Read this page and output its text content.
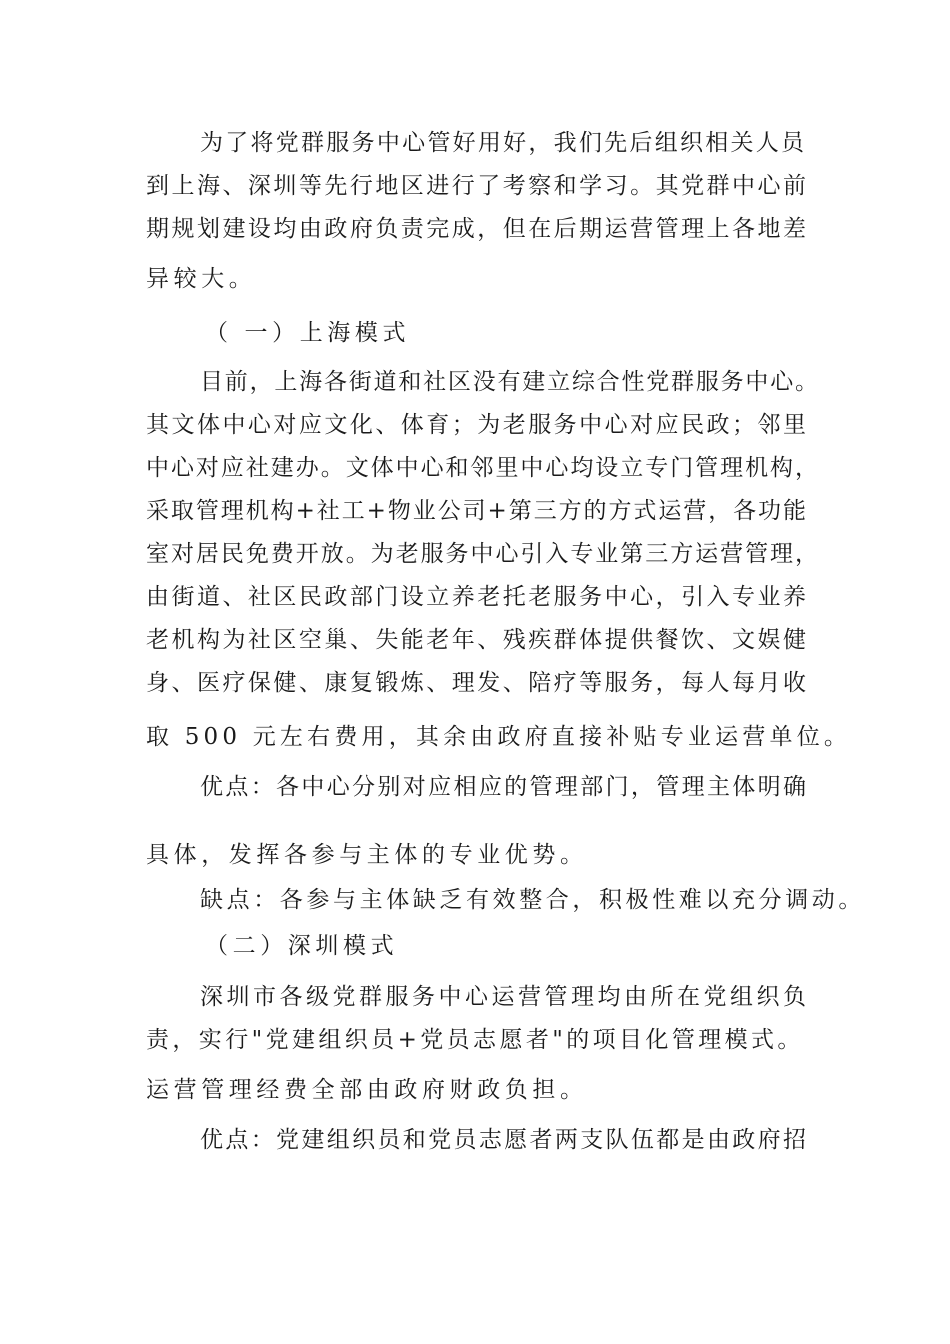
为了将党群服务中心管好用好，我们先后组织相关人员
到上海、深圳等先行地区进行了考察和学习。其党群中心前
期规划建设均由政府负责完成，但在后期运营管理上各地差
异较大。
（ 一）上海模式
目前，上海各街道和社区没有建立综合性党群服务中心。
其文体中心对应文化、体育；为老服务中心对应民政；邻里
中心对应社建办。文体中心和邻里中心均设立专门管理机构，
采取管理机构+社工+物业公司+第三方的方式运营，各功能
室对居民免费开放。为老服务中心引入专业第三方运营管理，
由街道、社区民政部门设立养老托老服务中心，引入专业养
老机构为社区空巢、失能老年、残疾群体提供餐饮、文娱健
身、医疗保健、康复锻炼、理发、陪疗等服务，每人每月收
取 500 元左右费用，其余由政府直接补贴专业运营单位。
优点：各中心分别对应相应的管理部门，管理主体明确
具体，发挥各参与主体的专业优势。
缺点：各参与主体缺乏有效整合，积极性难以充分调动。
（二）深圳模式
深圳市各级党群服务中心运营管理均由所在党组织负
责，实行"党建组织员+党员志愿者"的项目化管理模式。
运营管理经费全部由政府财政负担。
优点：党建组织员和党员志愿者两支队伍都是由政府招
